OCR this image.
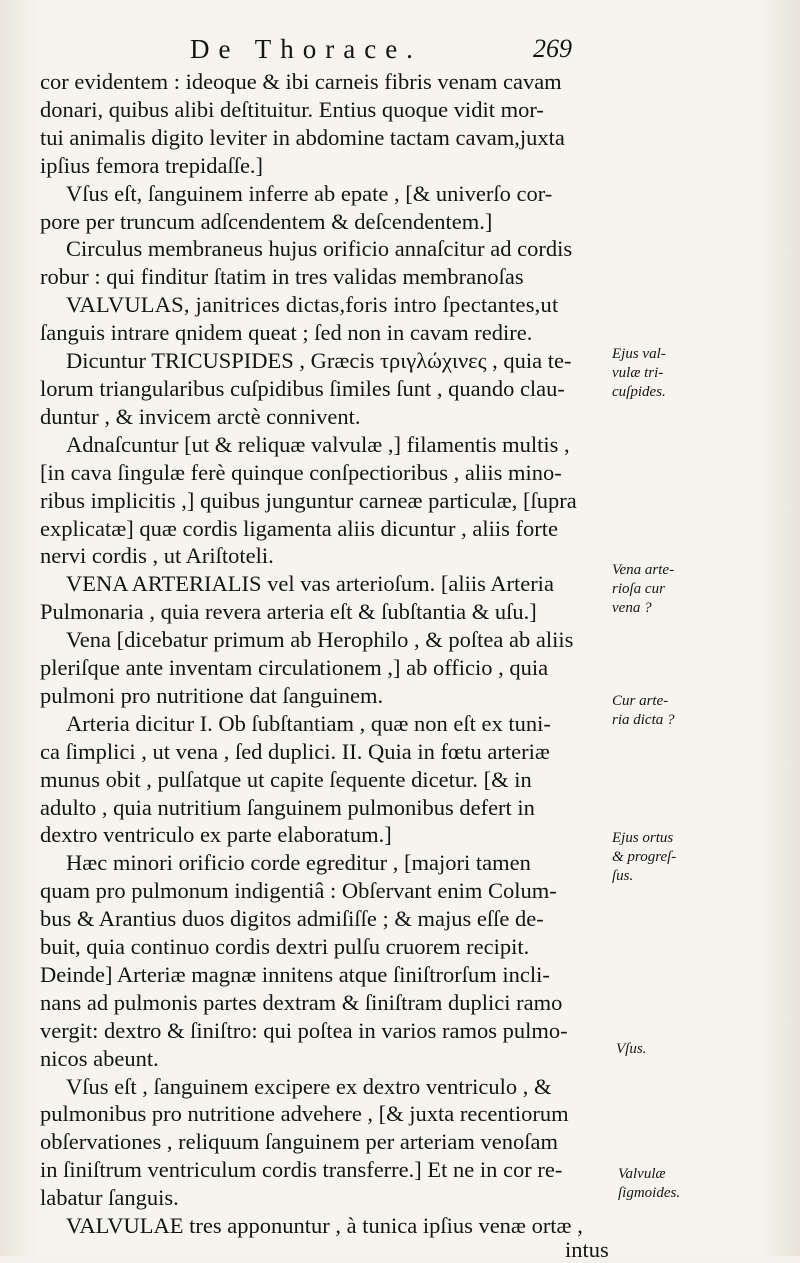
De Thorace.	269
cor evidentem : ideoque & ibi carneis fibris venam cavam
donari, quibus alibi deſtituitur. Entius quoque vidit mor-
tui animalis digito leviter in abdomine tactam cavam,juxta
ipſius femora trepidaſſe.]
Vſus eſt, ſanguinem inferre ab epate , [& univerſo cor-
pore per truncum adſcendentem & deſcendentem.]
Circulus membraneus hujus orificio annaſcitur ad cordis
robur : qui finditur ſtatim in tres validas membranoſas
VALVULAS, janitrices dictas,foris intro ſpectantes,ut
ſanguis intrare qnidem queat ; ſed non in cavam redire.
Dicuntur TRICUSPIDES , Græcis τριγλώχινες , quia te-
lorum triangularibus cuſpidibus ſimiles ſunt , quando clau-
duntur , & invicem arctè connivent.
Adnaſcuntur [ut & reliquæ valvulæ ,] filamentis multis ,
[in cava ſingulæ ferè quinque conſpectioribus , aliis mino-
ribus implicitis ,] quibus junguntur carneæ particulæ, [ſupra
explicatæ] quæ cordis ligamenta aliis dicuntur , aliis forte
nervi cordis , ut Ariſtoteli.
VENA ARTERIALIS vel vas arterioſum. [aliis Arteria
Pulmonaria , quia revera arteria eſt & ſubſtantia & uſu.]
Vena [dicebatur primum ab Herophilo , & poſtea ab aliis
pleriſque ante inventam circulationem ,] ab officio , quia
pulmoni pro nutritione dat ſanguinem.
Arteria dicitur I. Ob ſubſtantiam , quæ non eſt ex tuni-
ca ſimplici , ut vena , ſed duplici. II. Quia in fœtu arteriæ
munus obit , pulſatque ut capite ſequente dicetur. [& in
adulto , quia nutritium ſanguinem pulmonibus defert in
dextro ventriculo ex parte elaboratum.]
Hæc minori orificio corde egreditur , [majori tamen
quam pro pulmonum indigentiâ : Obſervant enim Colum-
bus & Arantius duos digitos admiſiſſe ; & majus eſſe de-
buit, quia continuo cordis dextri pulſu cruorem recipit.
Deinde] Arteriæ magnæ innitens atque ſiniſtrorſum incli-
nans ad pulmonis partes dextram & ſiniſtram duplici ramo
vergit: dextro & ſiniſtro: qui poſtea in varios ramos pulmo-
nicos abeunt.
Vſus eſt , ſanguinem excipere ex dextro ventriculo , &
pulmonibus pro nutritione advehere , [& juxta recentiorum
obſervationes , reliquum ſanguinem per arteriam venoſam
in ſiniſtrum ventriculum cordis transferre.] Et ne in cor re-
labatur ſanguis.
VALVULAE tres apponuntur , à tunica ipſius venæ ortæ ,
intus
Ejus val-
vulæ tri-
cuſpides.
Vena arte-
rioſa cur
vena ?
Cur arte-
ria dicta ?
Ejus ortus
& progreſ-
ſus.
Vſus.
Valvulæ
ſigmoides.
